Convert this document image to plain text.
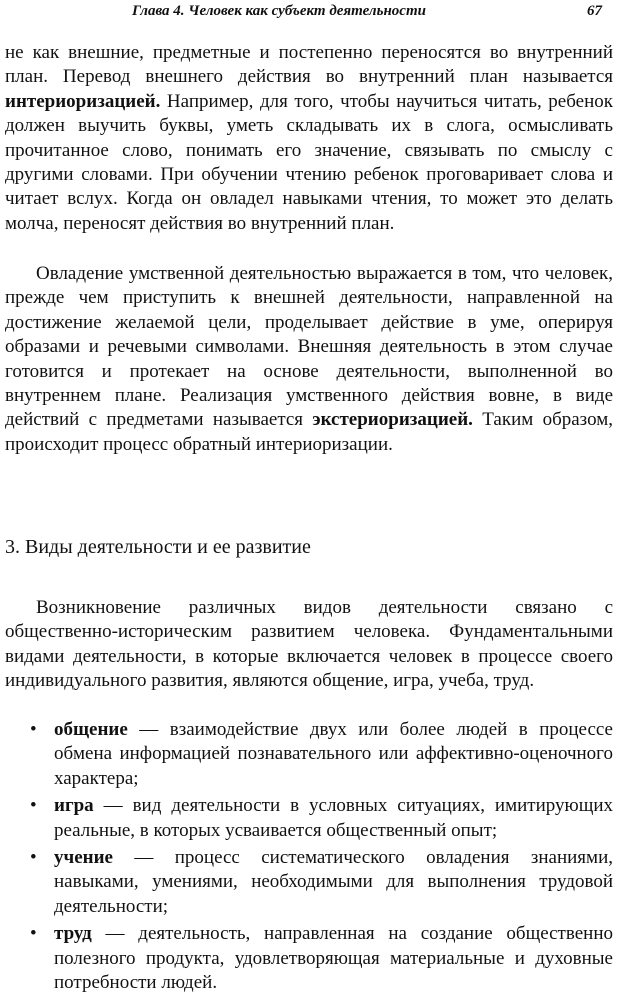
Глава 4. Человек как субъект деятельности	67

не как внешние, предметные и постепенно переносятся во внутренний план. Перевод внешнего действия во внутренний план называется интериоризацией. Например, для того, чтобы научиться читать, ребенок должен выучить буквы, уметь складывать их в слога, осмысливать прочитанное слово, понимать его значение, связывать по смыслу с другими словами. При обучении чтению ребенок проговаривает слова и читает вслух. Когда он овладел навыками чтения, то может это делать молча, переносят действия во внутренний план.

Овладение умственной деятельностью выражается в том, что человек, прежде чем приступить к внешней деятельности, направленной на достижение желаемой цели, проделывает действие в уме, оперируя образами и речевыми символами. Внешняя деятельность в этом случае готовится и протекает на основе деятельности, выполненной во внутреннем плане. Реализация умственного действия вовне, в виде действий с предметами называется экстериоризацией. Таким образом, происходит процесс обратный интериоризации.

3. Виды деятельности и ее развитие

Возникновение различных видов деятельности связано с общественно-историческим развитием человека. Фундаментальными видами деятельности, в которые включается человек в процессе своего индивидуального развития, являются общение, игра, учеба, труд.

• общение — взаимодействие двух или более людей в процессе обмена информацией познавательного или аффективно-оценочного характера;
• игра — вид деятельности в условных ситуациях, имитирующих реальные, в которых усваивается общественный опыт;
• учение — процесс систематического овладения знаниями, навыками, умениями, необходимыми для выполнения трудовой деятельности;
• труд — деятельность, направленная на создание общественно полезного продукта, удовлетворяющая материальные и духовные потребности людей.
